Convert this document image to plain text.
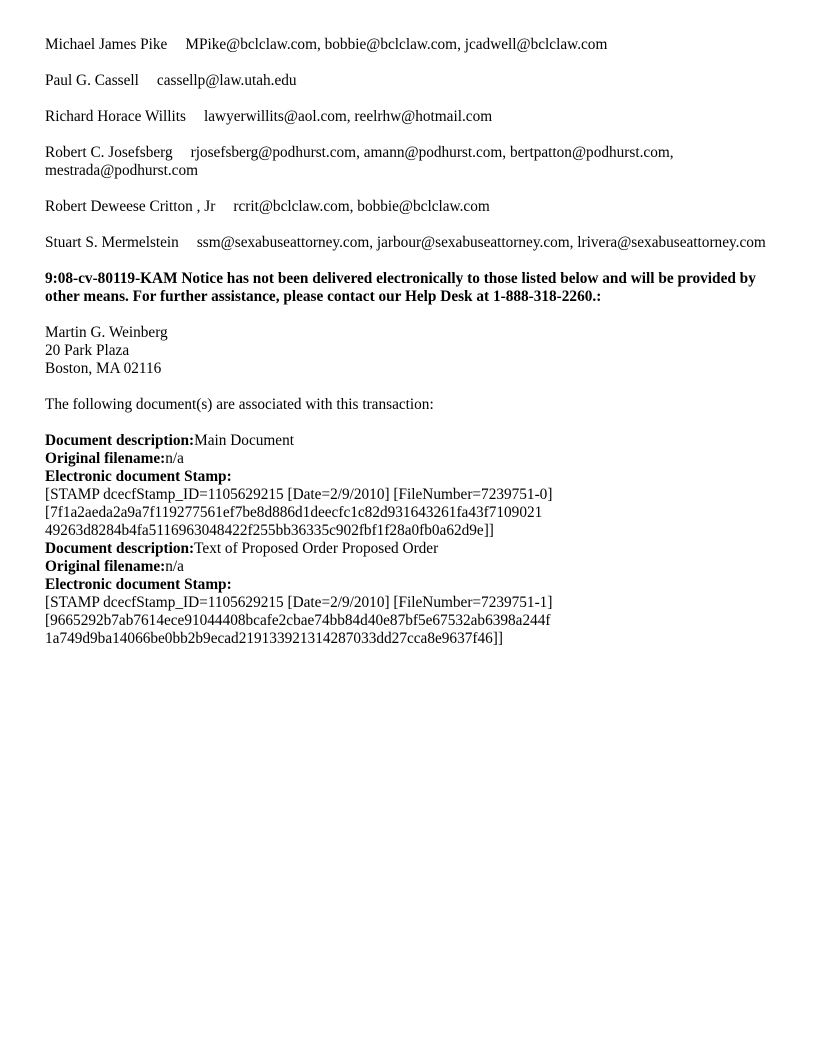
Michael James Pike MPike@bclclaw.com, bobbie@bclclaw.com, jcadwell@bclclaw.com
Paul G. Cassell cassellp@law.utah.edu
Richard Horace Willits lawyerwillits@aol.com, reelrhw@hotmail.com
Robert C. Josefsberg rjosefsberg@podhurst.com, amann@podhurst.com, bertpatton@podhurst.com, mestrada@podhurst.com
Robert Deweese Critton , Jr rcrit@bclclaw.com, bobbie@bclclaw.com
Stuart S. Mermelstein ssm@sexabuseattorney.com, jarbour@sexabuseattorney.com, lrivera@sexabuseattorney.com
9:08-cv-80119-KAM Notice has not been delivered electronically to those listed below and will be provided by other means. For further assistance, please contact our Help Desk at 1-888-318-2260.:
Martin G. Weinberg
20 Park Plaza
Boston, MA 02116
The following document(s) are associated with this transaction:
Document description:Main Document
Original filename:n/a
Electronic document Stamp:
[STAMP dcecfStamp_ID=1105629215 [Date=2/9/2010] [FileNumber=7239751-0]
[7f1a2aeda2a9a7f119277561ef7be8d886d1deecfc1c82d931643261fa43f7109021
49263d8284b4fa5116963048422f255bb36335c902fbf1f28a0fb0a62d9e]]
Document description:Text of Proposed Order Proposed Order
Original filename:n/a
Electronic document Stamp:
[STAMP dcecfStamp_ID=1105629215 [Date=2/9/2010] [FileNumber=7239751-1]
[9665292b7ab7614ece91044408bcafe2cbae74bb84d40e87bf5e67532ab6398a244f
1a749d9ba14066be0bb2b9ecad219133921314287033dd27cca8e9637f46]]
